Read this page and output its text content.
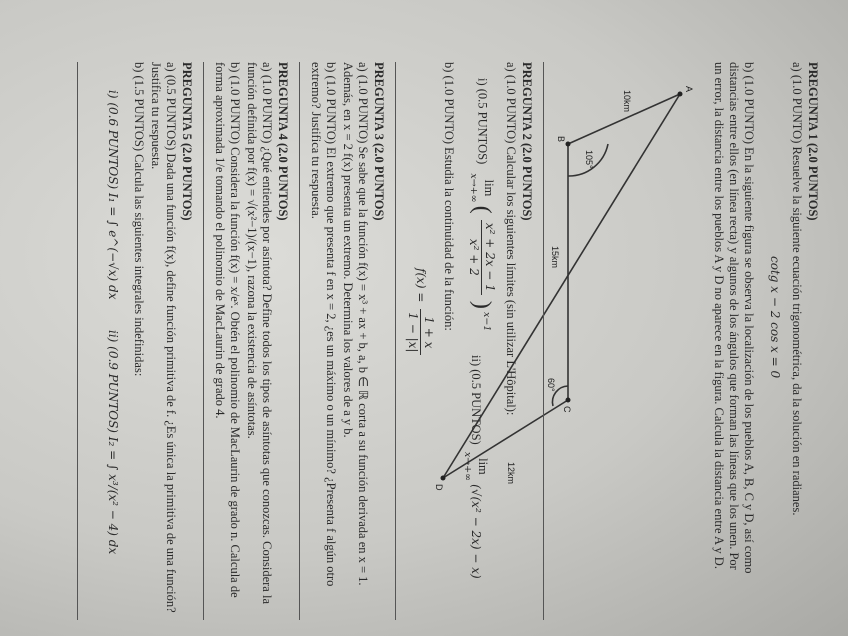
PREGUNTA 1 (2.0 PUNTOS)
a) (1.0 PUNTO) Resuelve la siguiente ecuación trigonométrica, da la solución en radianes.
cotg x − 2 cos x = 0
b) (1.0 PUNTO) En la siguiente figura se observa la localización de los pueblos A, B, C y D, así como distancias entre ellos (en línea recta) y algunos de los ángulos que forman las líneas que los unen. Por un error, la distancia entre los pueblos A y D no aparece en la figura. Calcula la distancia entre A y D.
A
B
C
D
10km
15km
12km
105°
60°
PREGUNTA 2 (2.0 PUNTOS)
a) (1.0 PUNTO) Calcular los siguientes límites (sin utilizar L'Hôpital):
i) (0.5 PUNTOS)
lim
x→+∞
(
x² + 2x − 1
x² + 2
) $^{x-1}$
ii) (0.5 PUNTOS)
lim
x→+∞
(√(x² − 2x) − x)
b) (1.0 PUNTO) Estudia la continuidad de la función:
f(x) =
1 + x
1 − |x|
PREGUNTA 3 (2.0 PUNTOS)
a) (1.0 PUNTO) Se sabe que la función f(x) = x³ + ax + b, a, b ∈ ℝ corta a su función derivada en x = 1. Además, en x = 2 f(x) presenta un extremo. Determina los valores de a y b.
b) (1.0 PUNTO) El extremo que presenta f en x = 2, ¿es un máximo o un mínimo? ¿Presenta f algún otro extremo? Justifica tu respuesta.
PREGUNTA 4 (2.0 PUNTOS)
a) (1.0 PUNTO) ¿Qué entiendes por asíntota? Define todos los tipos de asíntotas que conozcas. Considera la función definida por f(x) = √(x²−1)/(x−1), razona la existencia de asíntotas.
b) (1.0 PUNTO) Considera la función f(x) = x/eˣ. Obtén el polinomio de MacLaurin de grado n. Calcula de forma aproximada 1/e tomando el polinomio de MacLaurin de grado 4.
PREGUNTA 5 (2.0 PUNTOS)
a) (0.5 PUNTOS) Dada una función f(x), define función primitiva de f. ¿Es única la primitiva de una función? Justifica tu respuesta.
b) (1.5 PUNTOS) Calcula las siguientes integrales indefinidas:
i) (0.6 PUNTOS) I₁ = ∫ e^(−√x) dx
ii) (0.9 PUNTOS) I₂ = ∫ x³/(x² − 4) dx
